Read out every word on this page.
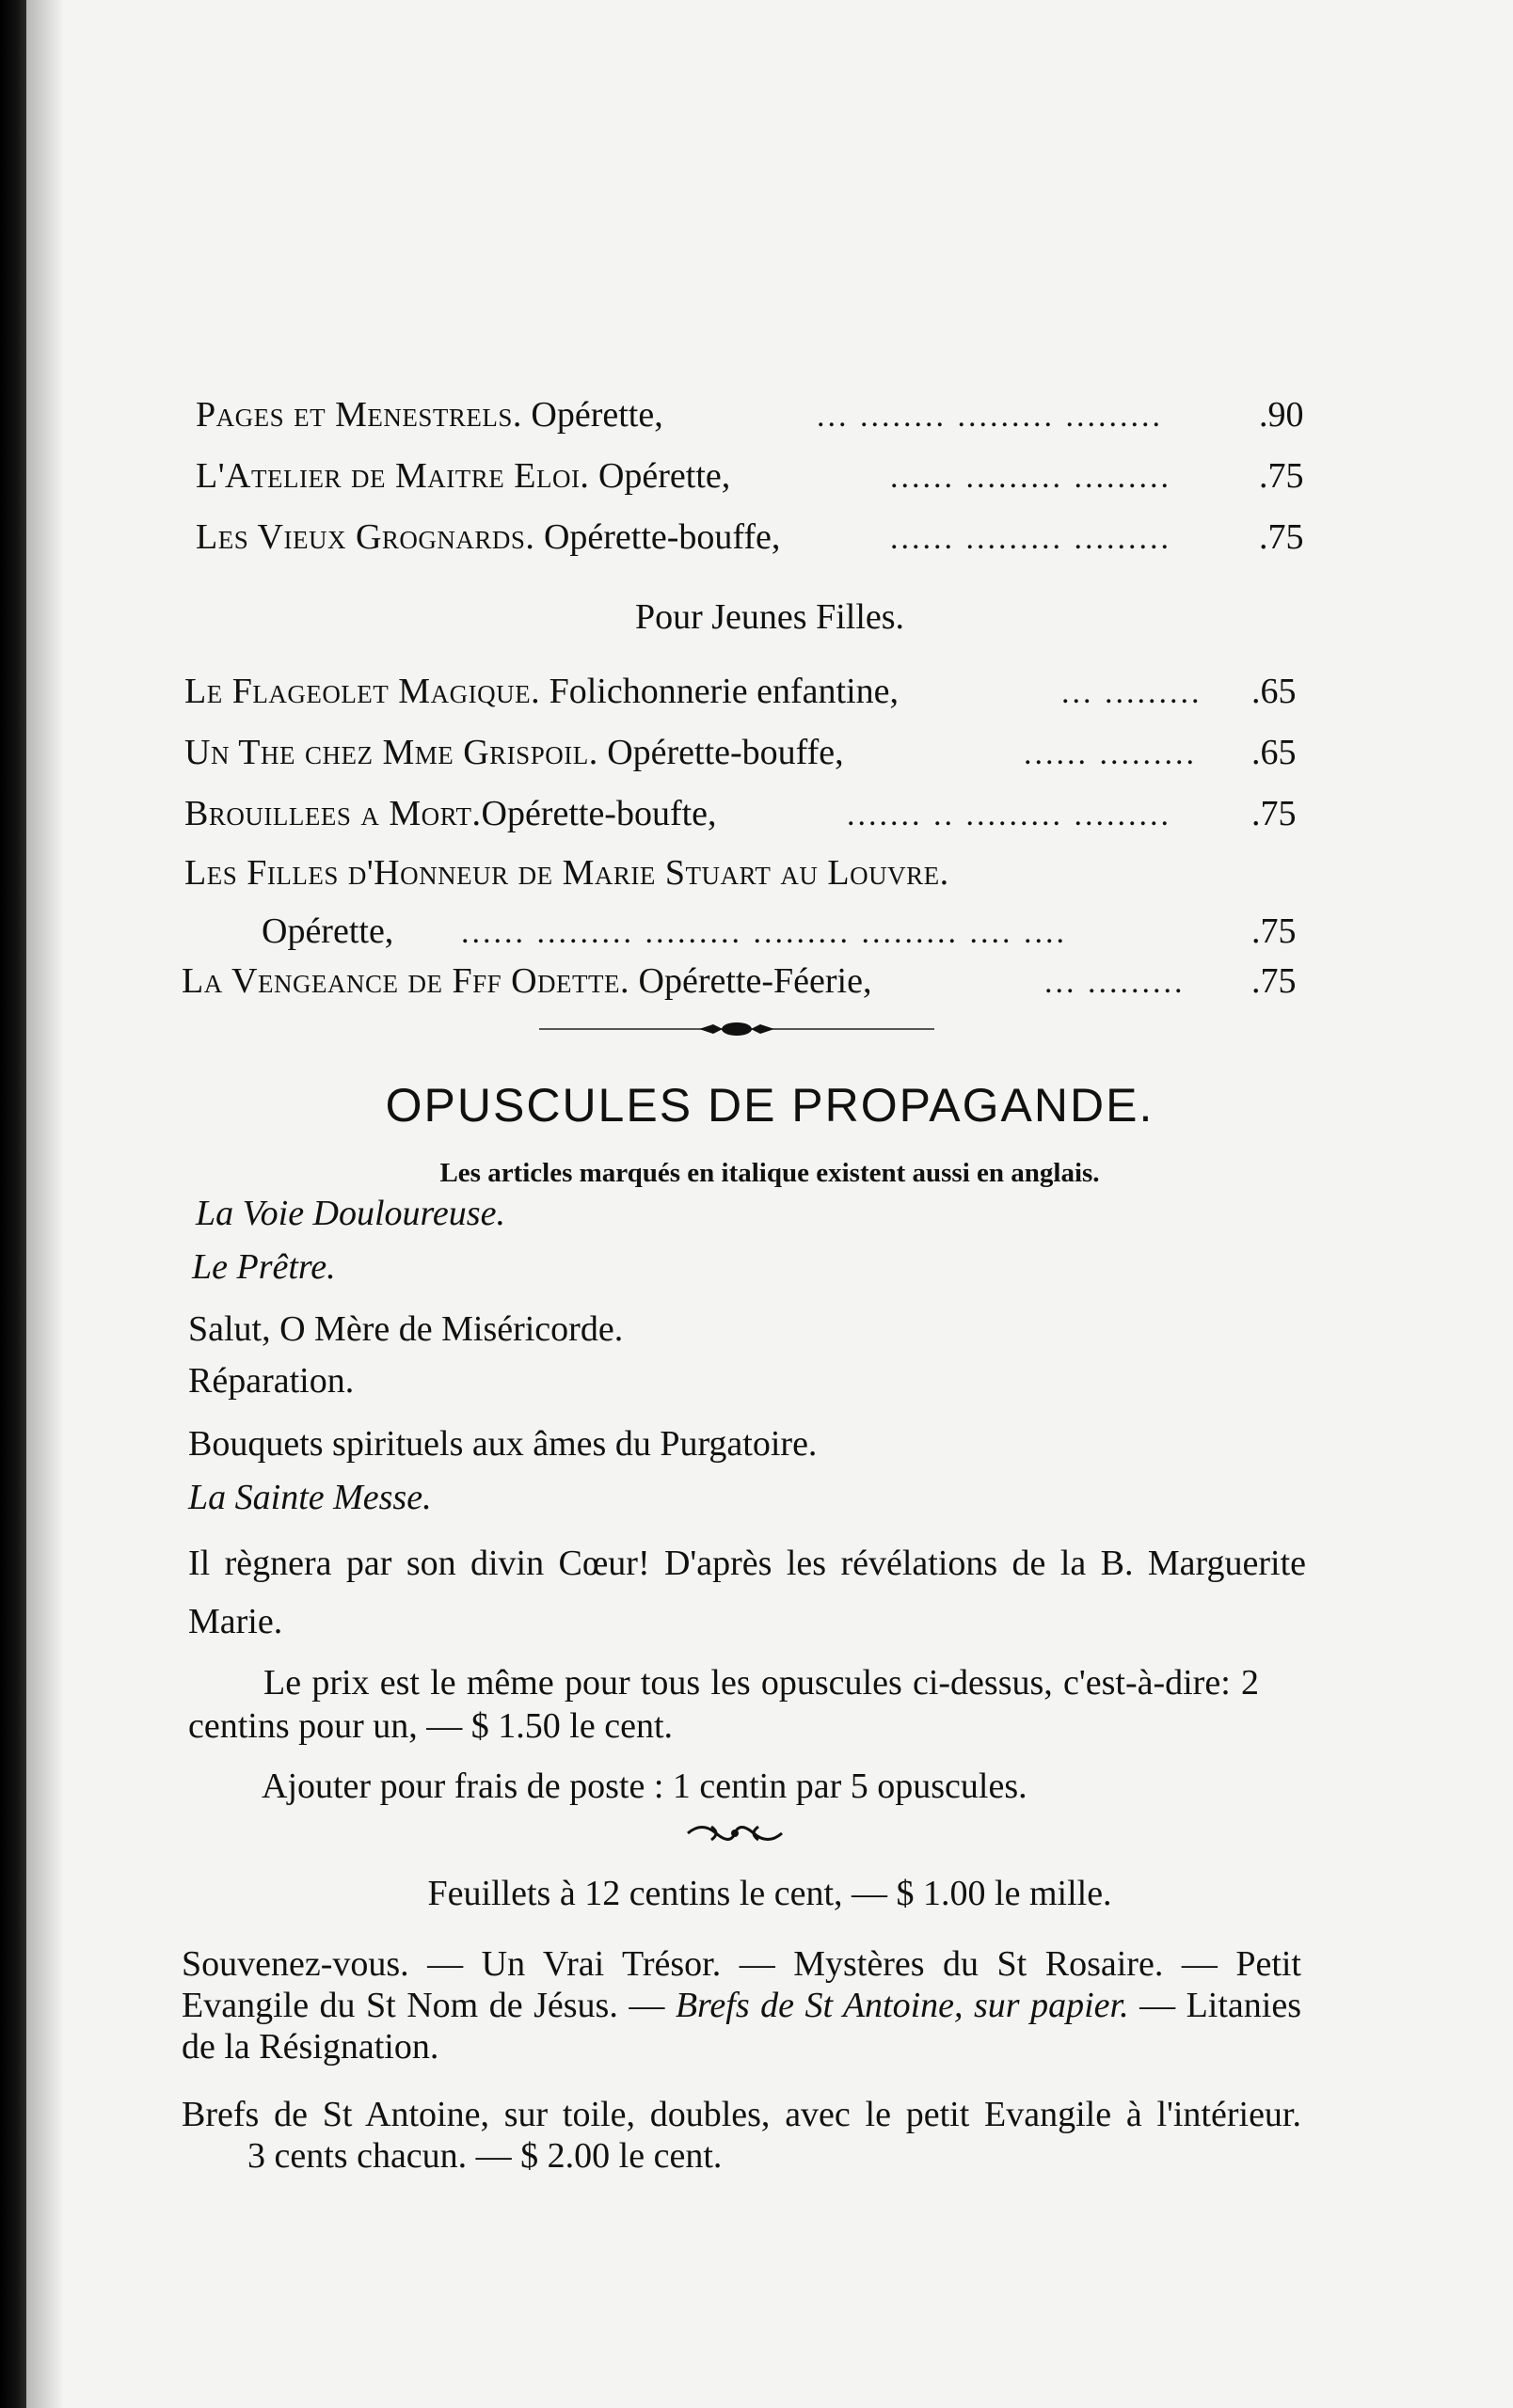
Pages et Menestrels. Opérette,	... ........ ......... .........	.90
L'Atelier de Maitre Eloi. Opérette,	...... ......... ......... .75
Les Vieux Grognards. Opérette-bouffe,	...... ......... ......... .75
Pour Jeunes Filles.
Le Flageolet Magique. Folichonnerie enfantine,	... ......... .65
Un The chez Mme Grispoil. Opérette-bouffe,	...... ......... .65
Brouillees a Mort.Opérette-boufte,	....... .. ......... ......... .75
Les Filles d'Honneur de Marie Stuart au Louvre.
Opérette, ...... ......... ......... ......... ......... .... ....	.75
La Vengeance de Fff Odette. Opérette-Féerie,	... ......... .75
OPUSCULES DE PROPAGANDE.
Les articles marqués en italique existent aussi en anglais.
La Voie Douloureuse.
Le Prêtre.
Salut, O Mère de Miséricorde.
Réparation.
Bouquets spirituels aux âmes du Purgatoire.
La Sainte Messe.
Il règnera par son divin Cœur! D'après les révélations de la B. Marguerite Marie.
Le prix est le même pour tous les opuscules ci-dessus, c'est-à-dire: 2 centins pour un, — $ 1.50 le cent.
Ajouter pour frais de poste : 1 centin par 5 opuscules.
Feuillets à 12 centins le cent, — $ 1.00 le mille.
Souvenez-vous. — Un Vrai Trésor. — Mystères du St Rosaire. — Petit Evangile du St Nom de Jésus. — Brefs de St Antoine, sur papier. — Litanies de la Résignation.
Brefs de St Antoine, sur toile, doubles, avec le petit Evangile à l'intérieur. 3 cents chacun. — $ 2.00 le cent.
